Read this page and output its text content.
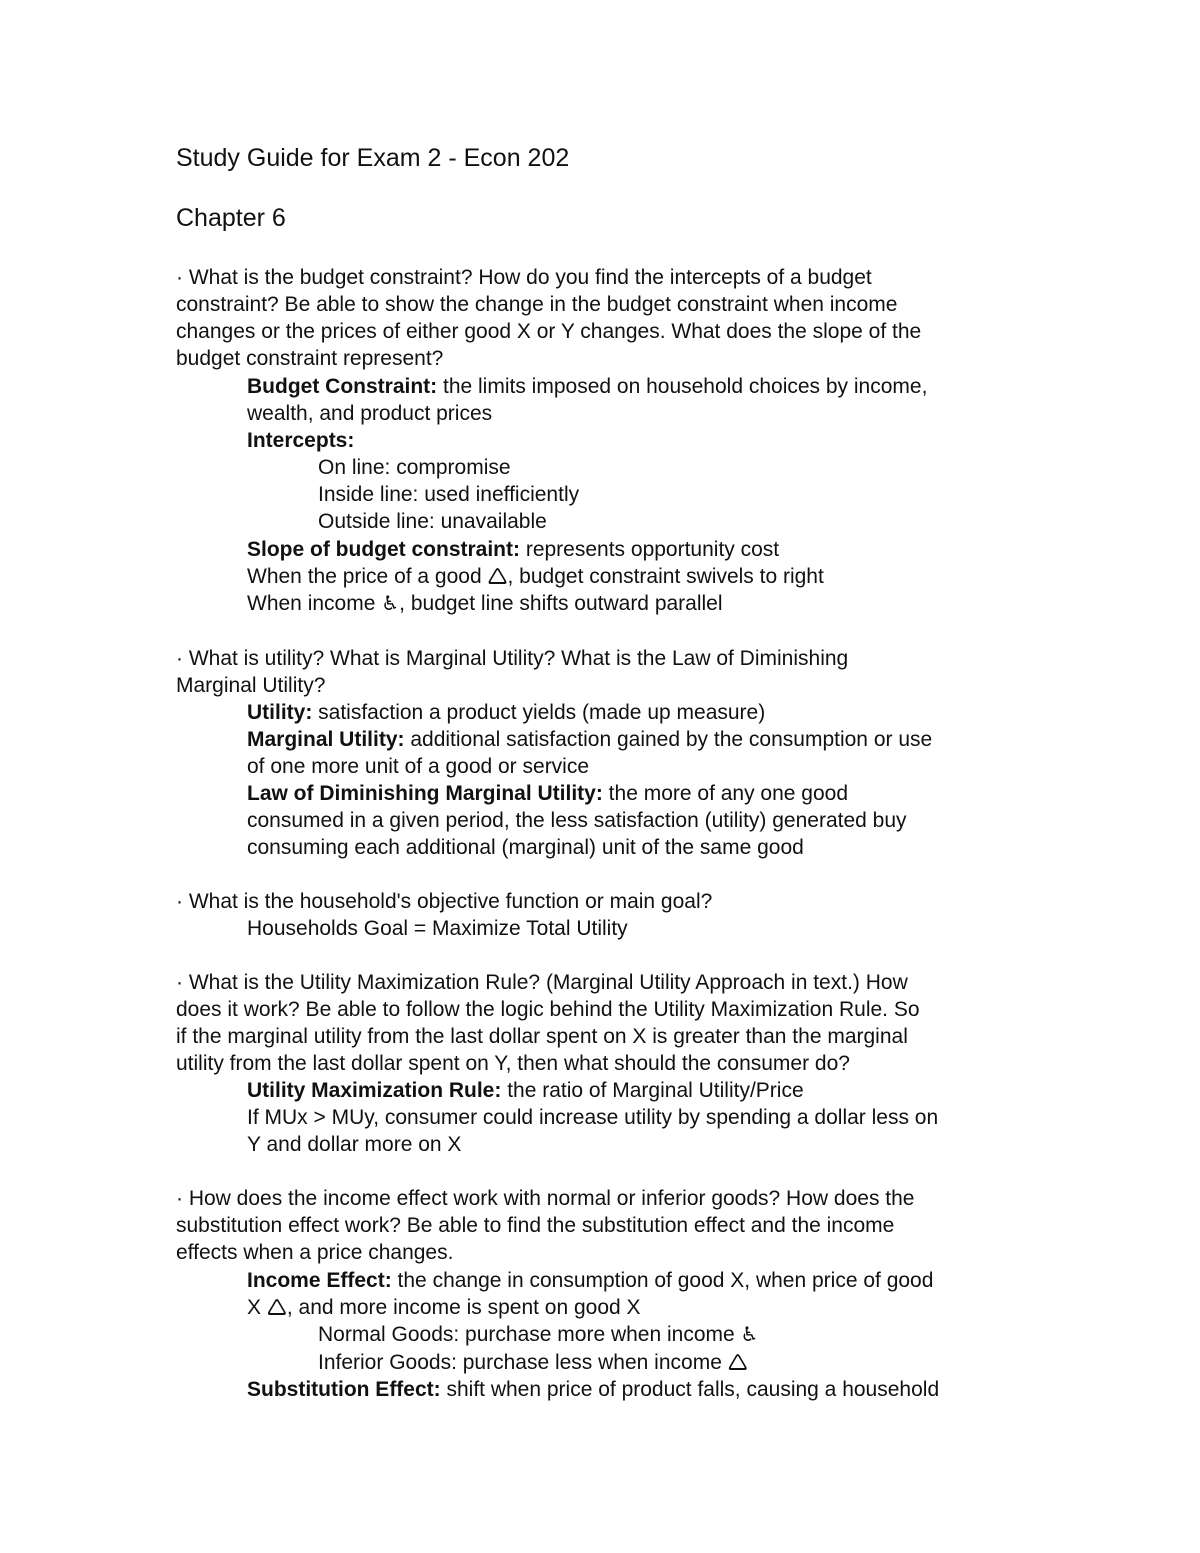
Study Guide for Exam 2 - Econ 202
Chapter 6
· What is the budget constraint? How do you find the intercepts of a budget
constraint? Be able to show the change in the budget constraint when income
changes or the prices of either good X or Y changes. What does the slope of the
budget constraint represent?
Budget Constraint: the limits imposed on household choices by income,
wealth, and product prices
Intercepts:
On line: compromise
Inside line: used inefficiently
Outside line: unavailable
Slope of budget constraint: represents opportunity cost
When the price of a good 🛆, budget constraint swivels to right
When income ♿, budget line shifts outward parallel
· What is utility? What is Marginal Utility? What is the Law of Diminishing
Marginal Utility?
Utility: satisfaction a product yields (made up measure)
Marginal Utility: additional satisfaction gained by the consumption or use
of one more unit of a good or service
Law of Diminishing Marginal Utility: the more of any one good
consumed in a given period, the less satisfaction (utility) generated buy
consuming each additional (marginal) unit of the same good
· What is the household's objective function or main goal?
Households Goal = Maximize Total Utility
· What is the Utility Maximization Rule? (Marginal Utility Approach in text.) How
does it work? Be able to follow the logic behind the Utility Maximization Rule. So
if the marginal utility from the last dollar spent on X is greater than the marginal
utility from the last dollar spent on Y, then what should the consumer do?
Utility Maximization Rule: the ratio of Marginal Utility/Price
If MUx > MUy, consumer could increase utility by spending a dollar less on
Y and dollar more on X
· How does the income effect work with normal or inferior goods? How does the
substitution effect work? Be able to find the substitution effect and the income
effects when a price changes.
Income Effect: the change in consumption of good X, when price of good
X 🛆, and more income is spent on good X
Normal Goods: purchase more when income ♿
Inferior Goods: purchase less when income 🛆
Substitution Effect: shift when price of product falls, causing a household
